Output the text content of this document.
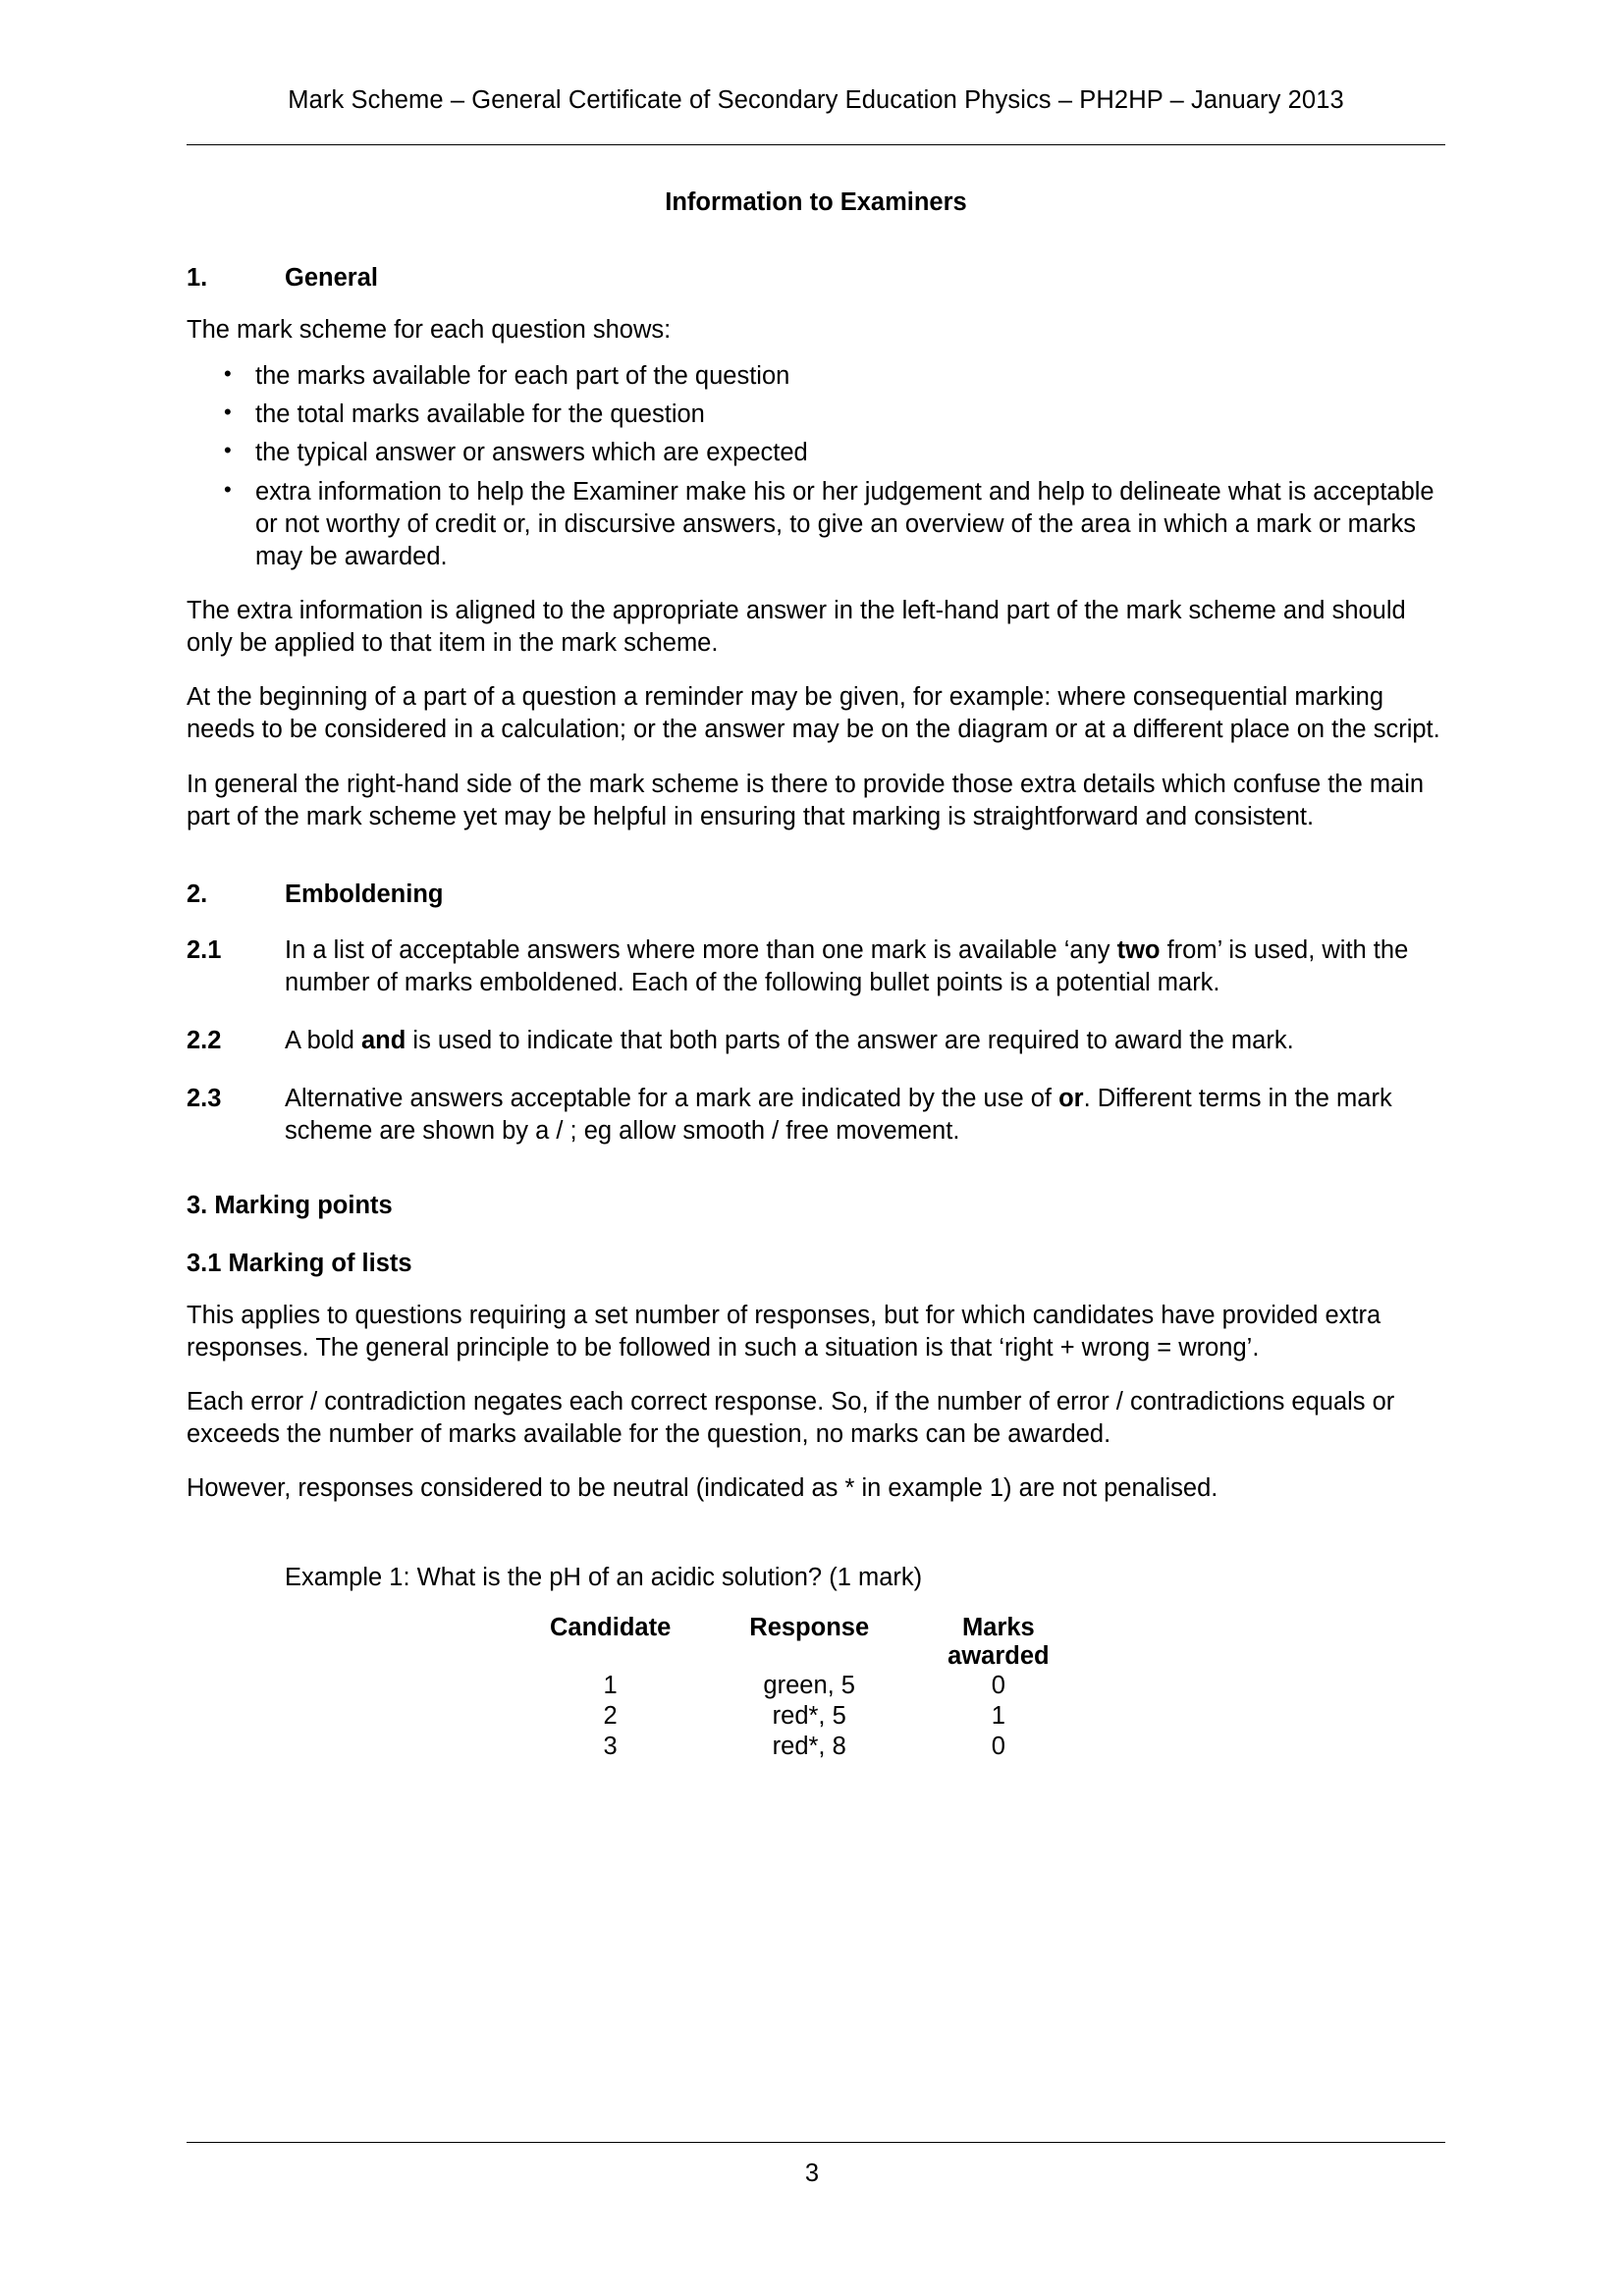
Mark Scheme – General Certificate of Secondary Education Physics – PH2HP – January 2013
Information to Examiners
1.	General

The mark scheme for each question shows:

• the marks available for each part of the question
• the total marks available for the question
• the typical answer or answers which are expected
• extra information to help the Examiner make his or her judgement and help to delineate what is acceptable or not worthy of credit or, in discursive answers, to give an overview of the area in which a mark or marks may be awarded.

The extra information is aligned to the appropriate answer in the left-hand part of the mark scheme and should only be applied to that item in the mark scheme.

At the beginning of a part of a question a reminder may be given, for example: where consequential marking needs to be considered in a calculation; or the answer may be on the diagram or at a different place on the script.

In general the right-hand side of the mark scheme is there to provide those extra details which confuse the main part of the mark scheme yet may be helpful in ensuring that marking is straightforward and consistent.

2.	Emboldening
2.1	In a list of acceptable answers where more than one mark is available ‘any two from’ is used, with the number of marks emboldened. Each of the following bullet points is a potential mark.
2.2	A bold and is used to indicate that both parts of the answer are required to award the mark.
2.3	Alternative answers acceptable for a mark are indicated by the use of or. Different terms in the mark scheme are shown by a / ; eg allow smooth / free movement.
3. Marking points
3.1 Marking of lists

This applies to questions requiring a set number of responses, but for which candidates have provided extra responses. The general principle to be followed in such a situation is that ‘right + wrong = wrong’.

Each error / contradiction negates each correct response. So, if the number of error / contradictions equals or exceeds the number of marks available for the question, no marks can be awarded.

However, responses considered to be neutral (indicated as * in example 1) are not penalised.

Example 1: What is the pH of an acidic solution? (1 mark)
Candidate	Response	Marks
awarded

1	green, 5	0
2	red*, 5	1
3	red*, 8	0
3
